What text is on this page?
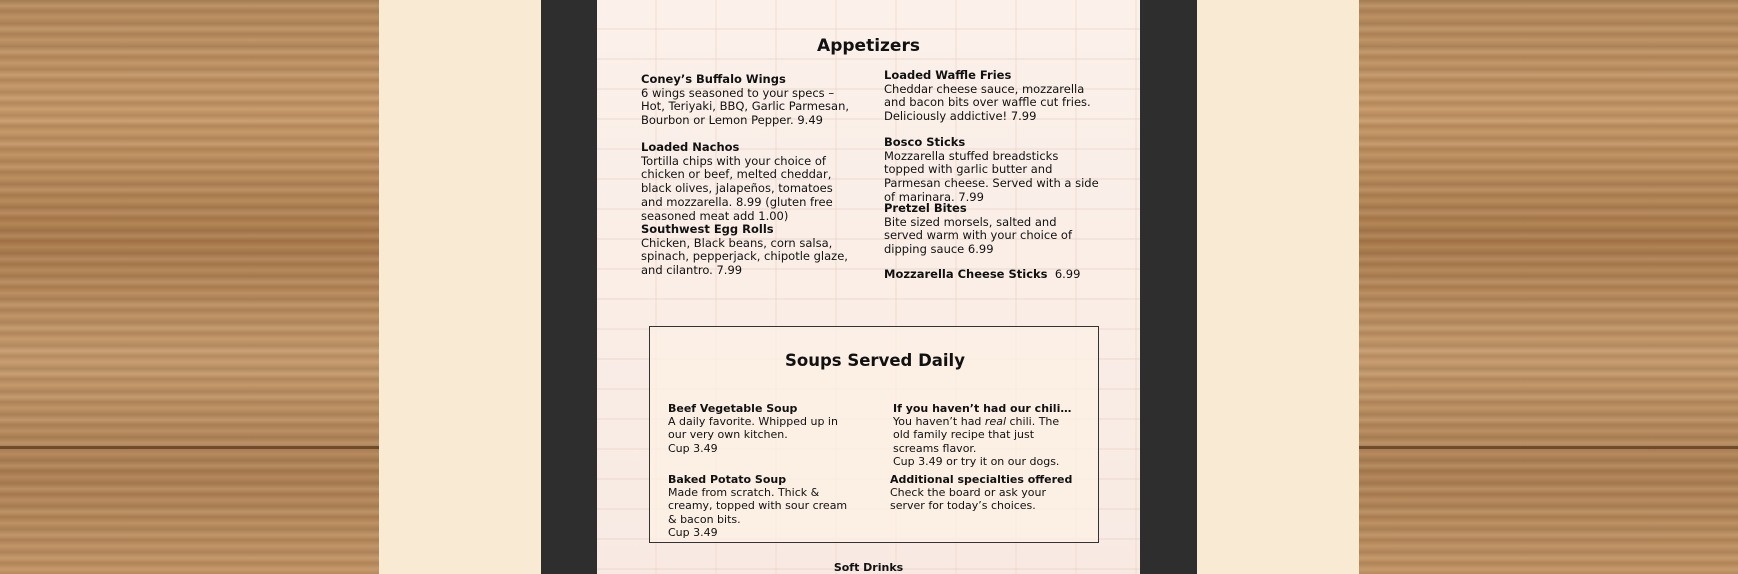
Appetizers
Coney’s Buffalo Wings
6 wings seasoned to your specs – Hot, Teriyaki, BBQ, Garlic Parmesan, Bourbon or Lemon Pepper. 9.49
Loaded Nachos
Tortilla chips with your choice of chicken or beef, melted cheddar, black olives, jalapeños, tomatoes and mozzarella. 8.99 (gluten free seasoned meat add 1.00)
Southwest Egg Rolls
Chicken, Black beans, corn salsa, spinach, pepperjack, chipotle glaze, and cilantro. 7.99
Loaded Waffle Fries
Cheddar cheese sauce, mozzarella and bacon bits over waffle cut fries. Deliciously addictive! 7.99
Bosco Sticks
Mozzarella stuffed breadsticks topped with garlic butter and Parmesan cheese. Served with a side of marinara. 7.99
Pretzel Bites
Bite sized morsels, salted and served warm with your choice of dipping sauce 6.99
Mozzarella Cheese Sticks 6.99
Soups Served Daily
Beef Vegetable Soup
A daily favorite. Whipped up in our very own kitchen.
Cup 3.49
If you haven’t had our chili…
You haven’t had real chili. The old family recipe that just screams flavor.
Cup 3.49 or try it on our dogs.
Baked Potato Soup
Made from scratch. Thick & creamy, topped with sour cream & bacon bits.
Cup 3.49
Additional specialties offered
Check the board or ask your server for today’s choices.
Soft Drinks
